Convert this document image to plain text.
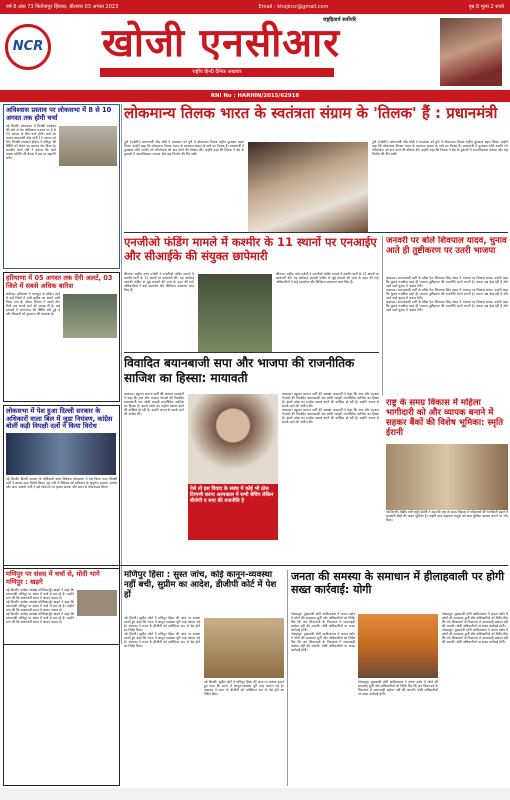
वर्ष 8 अंक 73 फिरोजपुर झिरका, बीलवार 03 अगस्त 2023	Email : khojincr@gmail.com	पृष्ठ 8 मूल्य 2 रुपये
NCR
राष्ट्रहितार्थ सर्वोपरि
खोजी एनसीआर
राष्ट्रीय हिन्दी दैनिक अखबार
RNI No : HARHIN/2015/62918
अविश्वास प्रस्ताव पर लोकसभा में 8 से 10 अगस्त तक होगी चर्चा

नई दिल्ली। लोकसभा में विपक्षी गठबंधन की ओर से पेश अविश्वास प्रस्ताव पर 8 से 10 अगस्त के बीच चर्चा होगी। चर्चा का जवाब प्रधानमंत्री नरेंद्र मोदी 10 अगस्त को देंगे। विपक्षी गठबंधन इंडिया ने मणिपुर की स्थिति को लेकर यह प्रस्ताव पेश किया है। संसदीय कार्य मंत्री ने बताया कि कार्य मंत्रणा समिति की बैठक में इस पर सहमति बनी।

हरियाणा में 05 अगस्त तक देंगी अलर्ट, 03 जिले में सबसे अधिक बारिश

चंडीगढ़। हरियाणा में मानसून के सक्रिय रहने से कई जिलों में भारी बारिश का अलर्ट जारी किया गया है। मौसम विभाग ने अगले तीन दिनों तक सतर्क रहने की सलाह दी है। कई इलाकों में जलभराव की स्थिति बनी हुई है और किसानों को नुकसान की आशंका है।

लोकसभा में पेश हुआ दिल्ली सरकार के अधिकारों वाला बिल में जुडा नियंत्रण, कांग्रेस बोलीं कड़ी विपक्षी दलों ने किया विरोध

नई दिल्ली। दिल्ली सरकार के अधिकारों वाला विधेयक लोकसभा में पेश किया गया। विपक्षी दलों ने इसका कड़ा विरोध किया। गृह मंत्री ने विधेयक को संविधान के अनुरूप बताया। कांग्रेस और आम आदमी पार्टी ने इसे लोकतंत्र पर हमला बताया और सदन से वॉकआउट किया।

लोकमान्य तिलक भारत के स्वतंत्रता संग्राम के 'तिलक' हैं : प्रधानमंत्री

पुणे (एजेंसी)। प्रधानमंत्री नरेंद्र मोदी ने मंगलवार को पुणे में लोकमान्य तिलक राष्ट्रीय पुरस्कार ग्रहण किया। उन्होंने कहा कि लोकमान्य तिलक भारत के स्वतंत्रता संग्राम के माथे का तिलक हैं। प्रधानमंत्री ने पुरस्कार राशि नमामि गंगे परियोजना को दान करने की घोषणा की। उन्होंने कहा कि तिलक ने देश के युवाओं में आत्मविश्वास जगाया और राष्ट्र निर्माण की नींव रखी।

पुणे (एजेंसी)। प्रधानमंत्री नरेंद्र मोदी ने मंगलवार को पुणे में लोकमान्य तिलक राष्ट्रीय पुरस्कार ग्रहण किया। उन्होंने कहा कि लोकमान्य तिलक भारत के स्वतंत्रता संग्राम के माथे का तिलक हैं। प्रधानमंत्री ने पुरस्कार राशि नमामि गंगे परियोजना को दान करने की घोषणा की। उन्होंने कहा कि तिलक ने देश के युवाओं में आत्मविश्वास जगाया और राष्ट्र निर्माण की नींव रखी।

एनजीओ फंडिंग मामले में कश्मीर के 11 स्थानों पर एनआईए और सीआईके की संयुक्त छापेमारी

श्रीनगर। राष्ट्रीय जांच एजेंसी ने एनजीओ फंडिंग मामले में कश्मीर घाटी के 11 स्थानों पर छापेमारी की। यह कार्रवाई आतंकी फंडिंग से जुड़े मामलों की जांच के तहत की गई। अधिकारियों ने कई दस्तावेज और डिजिटल उपकरण जब्त किए हैं।

श्रीनगर। राष्ट्रीय जांच एजेंसी ने एनजीओ फंडिंग मामले में कश्मीर घाटी के 11 स्थानों पर छापेमारी की। यह कार्रवाई आतंकी फंडिंग से जुड़े मामलों की जांच के तहत की गई। अधिकारियों ने कई दस्तावेज और डिजिटल उपकरण जब्त किए हैं।

जनवरी पर बोले शिवपाल यादव, चुनाव आते ही तुष्टीकरण पर उतरी भाजपा

लखनऊ। समाजवादी पार्टी के वरिष्ठ नेता शिवपाल सिंह यादव ने भाजपा पर निशाना साधा। उन्होंने कहा कि चुनाव नजदीक आते ही भाजपा तुष्टीकरण की राजनीति करने लगती है। जनता सब देख रही है और आने वाले चुनाव में जवाब देगी।

लखनऊ। समाजवादी पार्टी के वरिष्ठ नेता शिवपाल सिंह यादव ने भाजपा पर निशाना साधा। उन्होंने कहा कि चुनाव नजदीक आते ही भाजपा तुष्टीकरण की राजनीति करने लगती है। जनता सब देख रही है और आने वाले चुनाव में जवाब देगी।

लखनऊ। समाजवादी पार्टी के वरिष्ठ नेता शिवपाल सिंह यादव ने भाजपा पर निशाना साधा। उन्होंने कहा कि चुनाव नजदीक आते ही भाजपा तुष्टीकरण की राजनीति करने लगती है। जनता सब देख रही है और आने वाले चुनाव में जवाब देगी।

विवादित बयानबाजी सपा और भाजपा की राजनीतिक साजिश का हिस्सा: मायावती

लखनऊ। बहुजन समाज पार्टी की अध्यक्ष मायावती ने कहा कि सपा और भाजपा नेताओं की विवादित बयानबाजी एक सोची समझी राजनीतिक साजिश का हिस्सा है। इससे प्रदेश का माहौल खराब करने की कोशिश हो रही है। उन्होंने जनता से सतर्क रहने की अपील की।

ऐसे तो इस विवाद के संबंध में कोई भी ठोस टिप्पणी करना अल्पकाल में सभी बेचिंग लेकिन बीजेपी व सपा की राजनीति है

लखनऊ। बहुजन समाज पार्टी की अध्यक्ष मायावती ने कहा कि सपा और भाजपा नेताओं की विवादित बयानबाजी एक सोची समझी राजनीतिक साजिश का हिस्सा है। इससे प्रदेश का माहौल खराब करने की कोशिश हो रही है। उन्होंने जनता से सतर्क रहने की अपील की।

लखनऊ। बहुजन समाज पार्टी की अध्यक्ष मायावती ने कहा कि सपा और भाजपा नेताओं की विवादित बयानबाजी एक सोची समझी राजनीतिक साजिश का हिस्सा है। इससे प्रदेश का माहौल खराब करने की कोशिश हो रही है। उन्होंने जनता से सतर्क रहने की अपील की।

राष्ट्र के समग्र विकास में महिला भागीदारी को और व्यापक बनाने में सहकर बैंकों की विशेष भूमिका: स्मृति ईरानी

नई दिल्ली। केंद्रीय मंत्री स्मृति ईरानी ने कहा कि राष्ट्र के समग्र विकास में महिलाओं की भागीदारी बढ़ाने में सहकारी बैंकों की अहम भूमिका है। उन्होंने स्वयं सहायता समूहों को ऋण सुविधा आसान बनाने पर जोर दिया।

मणिपुर पर संसद में चर्चा से, मोदी भागे मणिपुर : खड़गे

नई दिल्ली। कांग्रेस अध्यक्ष मल्लिकार्जुन खड़गे ने कहा कि प्रधानमंत्री मणिपुर पर संसद में चर्चा से बच रहे हैं। उन्होंने मांग की कि प्रधानमंत्री सदन में आकर जवाब दें।

नई दिल्ली। कांग्रेस अध्यक्ष मल्लिकार्जुन खड़गे ने कहा कि प्रधानमंत्री मणिपुर पर संसद में चर्चा से बच रहे हैं। उन्होंने मांग की कि प्रधानमंत्री सदन में आकर जवाब दें।

नई दिल्ली। कांग्रेस अध्यक्ष मल्लिकार्जुन खड़गे ने कहा कि प्रधानमंत्री मणिपुर पर संसद में चर्चा से बच रहे हैं। उन्होंने मांग की कि प्रधानमंत्री सदन में आकर जवाब दें।

मणिपुर हिंसा : सुस्त जांच, कोई कानून-व्यवस्था नहीं बची, सुप्रीम का आदेश, डीजीपी कोर्ट में पेश हों

नई दिल्ली। सुप्रीम कोर्ट ने मणिपुर हिंसा की जांच पर सवाल उठाते हुए कहा कि राज्य में कानून-व्यवस्था पूरी तरह चरमरा गई है। अदालत ने राज्य के डीजीपी को व्यक्तिगत रूप से पेश होने का निर्देश दिया।

नई दिल्ली। सुप्रीम कोर्ट ने मणिपुर हिंसा की जांच पर सवाल उठाते हुए कहा कि राज्य में कानून-व्यवस्था पूरी तरह चरमरा गई है। अदालत ने राज्य के डीजीपी को व्यक्तिगत रूप से पेश होने का निर्देश दिया।

नई दिल्ली। सुप्रीम कोर्ट ने मणिपुर हिंसा की जांच पर सवाल उठाते हुए कहा कि राज्य में कानून-व्यवस्था पूरी तरह चरमरा गई है। अदालत ने राज्य के डीजीपी को व्यक्तिगत रूप से पेश होने का निर्देश दिया।

जनता की समस्या के समाधान में हीलाहवाली पर होगी सख्त कार्रवाई: योगी

गोरखपुर। मुख्यमंत्री योगी आदित्यनाथ ने जनता दर्शन में लोगों की समस्याएं सुनीं और अधिकारियों को निर्देश दिए कि जन शिकायतों के निस्तारण में लापरवाही बर्दाश्त नहीं की जाएगी। दोषी अधिकारियों पर सख्त कार्रवाई होगी।

गोरखपुर। मुख्यमंत्री योगी आदित्यनाथ ने जनता दर्शन में लोगों की समस्याएं सुनीं और अधिकारियों को निर्देश दिए कि जन शिकायतों के निस्तारण में लापरवाही बर्दाश्त नहीं की जाएगी। दोषी अधिकारियों पर सख्त कार्रवाई होगी।

गोरखपुर। मुख्यमंत्री योगी आदित्यनाथ ने जनता दर्शन में लोगों की समस्याएं सुनीं और अधिकारियों को निर्देश दिए कि जन शिकायतों के निस्तारण में लापरवाही बर्दाश्त नहीं की जाएगी। दोषी अधिकारियों पर सख्त कार्रवाई होगी।

गोरखपुर। मुख्यमंत्री योगी आदित्यनाथ ने जनता दर्शन में लोगों की समस्याएं सुनीं और अधिकारियों को निर्देश दिए कि जन शिकायतों के निस्तारण में लापरवाही बर्दाश्त नहीं की जाएगी। दोषी अधिकारियों पर सख्त कार्रवाई होगी।

गोरखपुर। मुख्यमंत्री योगी आदित्यनाथ ने जनता दर्शन में लोगों की समस्याएं सुनीं और अधिकारियों को निर्देश दिए कि जन शिकायतों के निस्तारण में लापरवाही बर्दाश्त नहीं की जाएगी। दोषी अधिकारियों पर सख्त कार्रवाई होगी।
